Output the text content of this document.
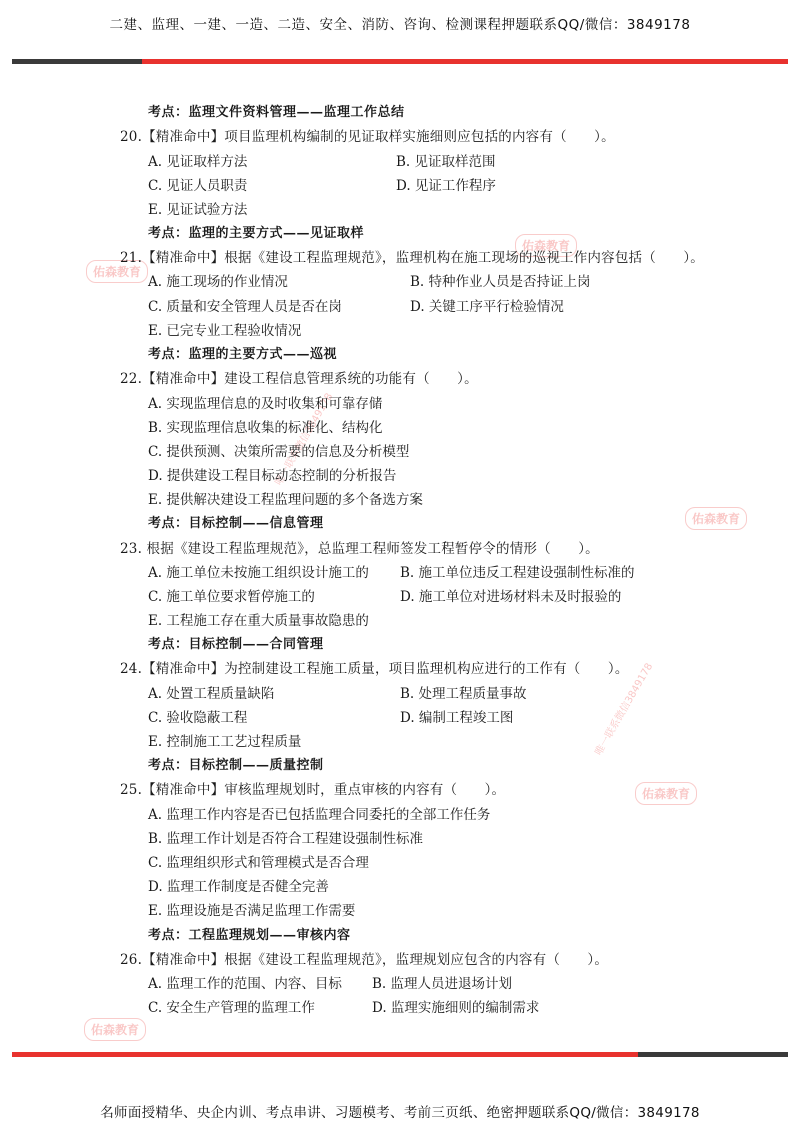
二建、监理、一建、一造、二造、安全、消防、咨询、检测课程押题联系QQ/微信：3849178
佑森教育
佑森教育
佑森教育
佑森教育
佑森教育
唯一联系微信3849178
唯一联系微信3849178
考点：监理文件资料管理——监理工作总结
20.【精准命中】项目监理机构编制的见证取样实施细则应包括的内容有（　　）。
A. 见证取样方法	B. 见证取样范围
C. 见证人员职责	D. 见证工作程序
E. 见证试验方法
考点：监理的主要方式——见证取样
21.【精准命中】根据《建设工程监理规范》，监理机构在施工现场的巡视工作内容包括（　　）。
A. 施工现场的作业情况	B. 特种作业人员是否持证上岗
C. 质量和安全管理人员是否在岗	D. 关键工序平行检验情况
E. 已完专业工程验收情况
考点：监理的主要方式——巡视
22.【精准命中】建设工程信息管理系统的功能有（　　）。
A. 实现监理信息的及时收集和可靠存储
B. 实现监理信息收集的标准化、结构化
C. 提供预测、决策所需要的信息及分析模型
D. 提供建设工程目标动态控制的分析报告
E. 提供解决建设工程监理问题的多个备选方案
考点：目标控制——信息管理
23. 根据《建设工程监理规范》，总监理工程师签发工程暂停令的情形（　　）。
A. 施工单位未按施工组织设计施工的 B. 施工单位违反工程建设强制性标准的
C. 施工单位要求暂停施工的	D. 施工单位对进场材料未及时报验的
E. 工程施工存在重大质量事故隐患的
考点：目标控制——合同管理
24.【精准命中】为控制建设工程施工质量，项目监理机构应进行的工作有（　　）。
A. 处置工程质量缺陷	B. 处理工程质量事故
C. 验收隐蔽工程	D. 编制工程竣工图
E. 控制施工工艺过程质量
考点：目标控制——质量控制
25.【精准命中】审核监理规划时，重点审核的内容有（　　）。
A. 监理工作内容是否已包括监理合同委托的全部工作任务
B. 监理工作计划是否符合工程建设强制性标准
C. 监理组织形式和管理模式是否合理
D. 监理工作制度是否健全完善
E. 监理设施是否满足监理工作需要
考点：工程监理规划——审核内容
26.【精准命中】根据《建设工程监理规范》，监理规划应包含的内容有（　　）。
A. 监理工作的范围、内容、目标 B. 监理人员进退场计划
C. 安全生产管理的监理工作	D. 监理实施细则的编制需求
名师面授精华、央企内训、考点串讲、习题模考、考前三页纸、绝密押题联系QQ/微信：3849178
